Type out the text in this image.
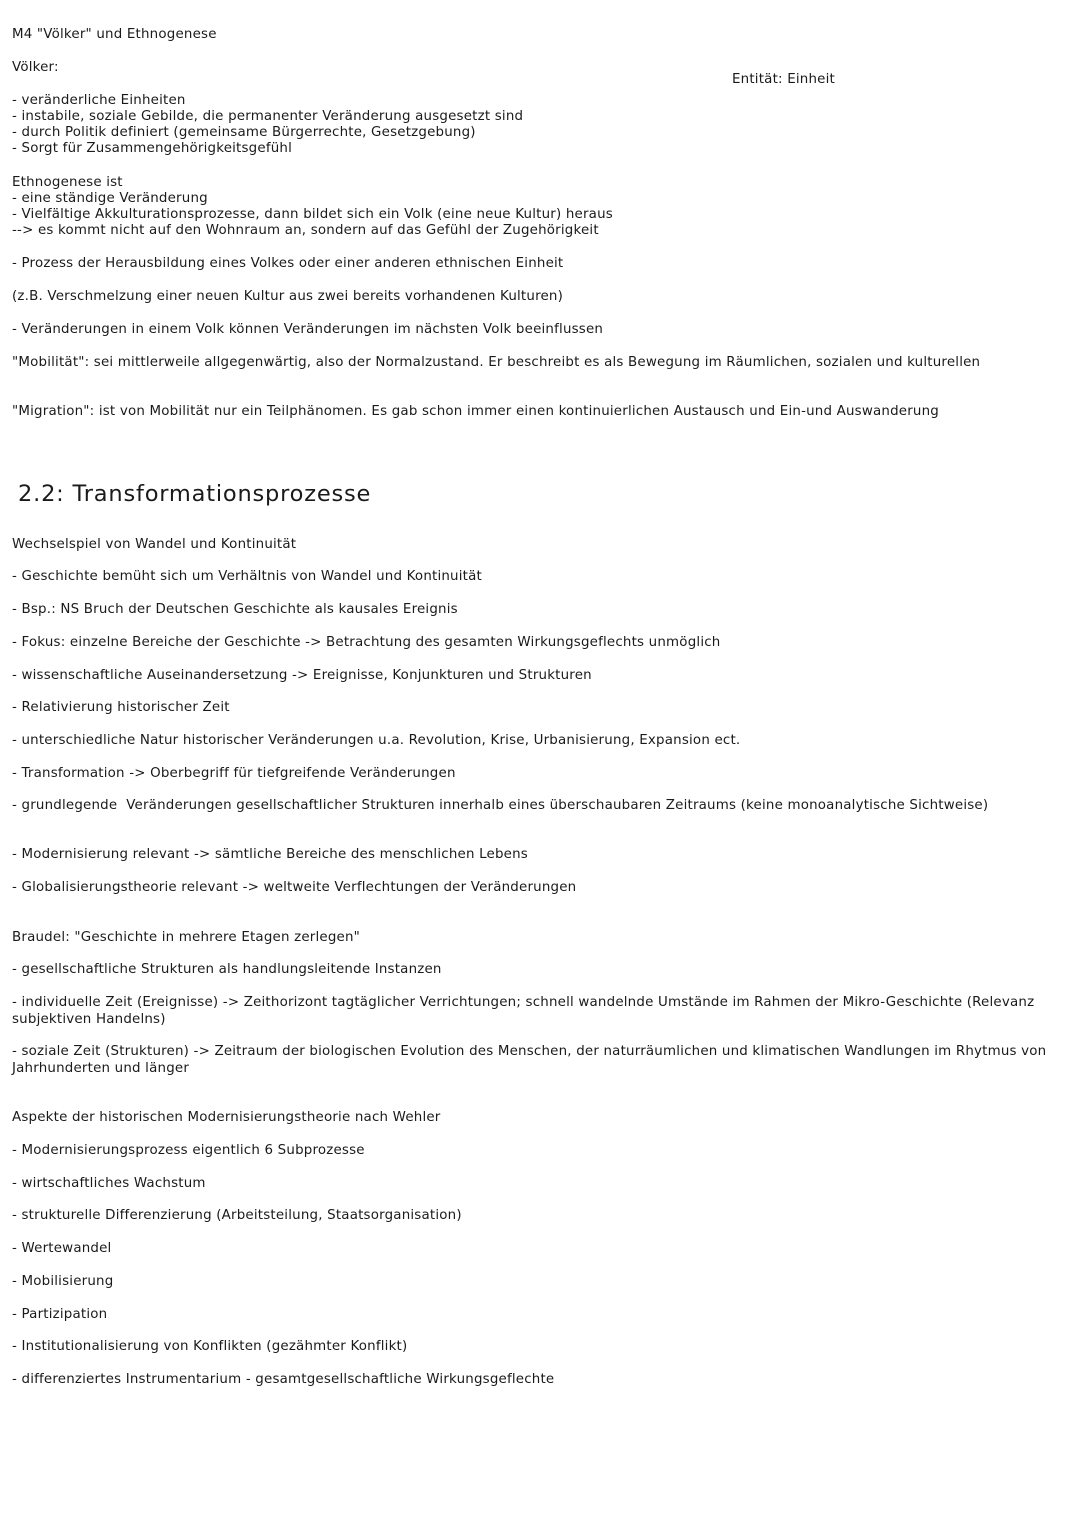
M4 "Völker" und Ethnogenese

Völker:

Entität: Einheit

- veränderliche Einheiten

- instabile, soziale Gebilde, die permanenter Veränderung ausgesetzt sind

- durch Politik definiert (gemeinsame Bürgerrechte, Gesetzgebung)

- Sorgt für Zusammengehörigkeitsgefühl

Ethnogenese ist

- eine ständige Veränderung

- Vielfältige Akkulturationsprozesse, dann bildet sich ein Volk (eine neue Kultur) heraus

--> es kommt nicht auf den Wohnraum an, sondern auf das Gefühl der Zugehörigkeit

- Prozess der Herausbildung eines Volkes oder einer anderen ethnischen Einheit

(z.B. Verschmelzung einer neuen Kultur aus zwei bereits vorhandenen Kulturen)

- Veränderungen in einem Volk können Veränderungen im nächsten Volk beeinflussen

"Mobilität": sei mittlerweile allgegenwärtig, also der Normalzustand. Er beschreibt es als Bewegung im Räumlichen, sozialen und kulturellen

"Migration": ist von Mobilität nur ein Teilphänomen. Es gab schon immer einen kontinuierlichen Austausch und Ein-und Auswanderung

2.2: Transformationsprozesse

Wechselspiel von Wandel und Kontinuität

- Geschichte bemüht sich um Verhältnis von Wandel und Kontinuität

- Bsp.: NS Bruch der Deutschen Geschichte als kausales Ereignis

- Fokus: einzelne Bereiche der Geschichte -> Betrachtung des gesamten Wirkungsgeflechts unmöglich

- wissenschaftliche Auseinandersetzung -> Ereignisse, Konjunkturen und Strukturen

- Relativierung historischer Zeit

- unterschiedliche Natur historischer Veränderungen u.a. Revolution, Krise, Urbanisierung, Expansion ect.

- Transformation -> Oberbegriff für tiefgreifende Veränderungen

- grundlegende  Veränderungen gesellschaftlicher Strukturen innerhalb eines überschaubaren Zeitraums (keine monoanalytische Sichtweise)

- Modernisierung relevant -> sämtliche Bereiche des menschlichen Lebens

- Globalisierungstheorie relevant -> weltweite Verflechtungen der Veränderungen

Braudel: "Geschichte in mehrere Etagen zerlegen"

- gesellschaftliche Strukturen als handlungsleitende Instanzen

- individuelle Zeit (Ereignisse) -> Zeithorizont tagtäglicher Verrichtungen; schnell wandelnde Umstände im Rahmen der Mikro-Geschichte (Relevanz subjektiven Handelns)

- soziale Zeit (Strukturen) -> Zeitraum der biologischen Evolution des Menschen, der naturräumlichen und klimatischen Wandlungen im Rhytmus von Jahrhunderten und länger

Aspekte der historischen Modernisierungstheorie nach Wehler

- Modernisierungsprozess eigentlich 6 Subprozesse

- wirtschaftliches Wachstum

- strukturelle Differenzierung (Arbeitsteilung, Staatsorganisation)

- Wertewandel

- Mobilisierung

- Partizipation

- Institutionalisierung von Konflikten (gezähmter Konflikt)

- differenziertes Instrumentarium - gesamtgesellschaftliche Wirkungsgeflechte
